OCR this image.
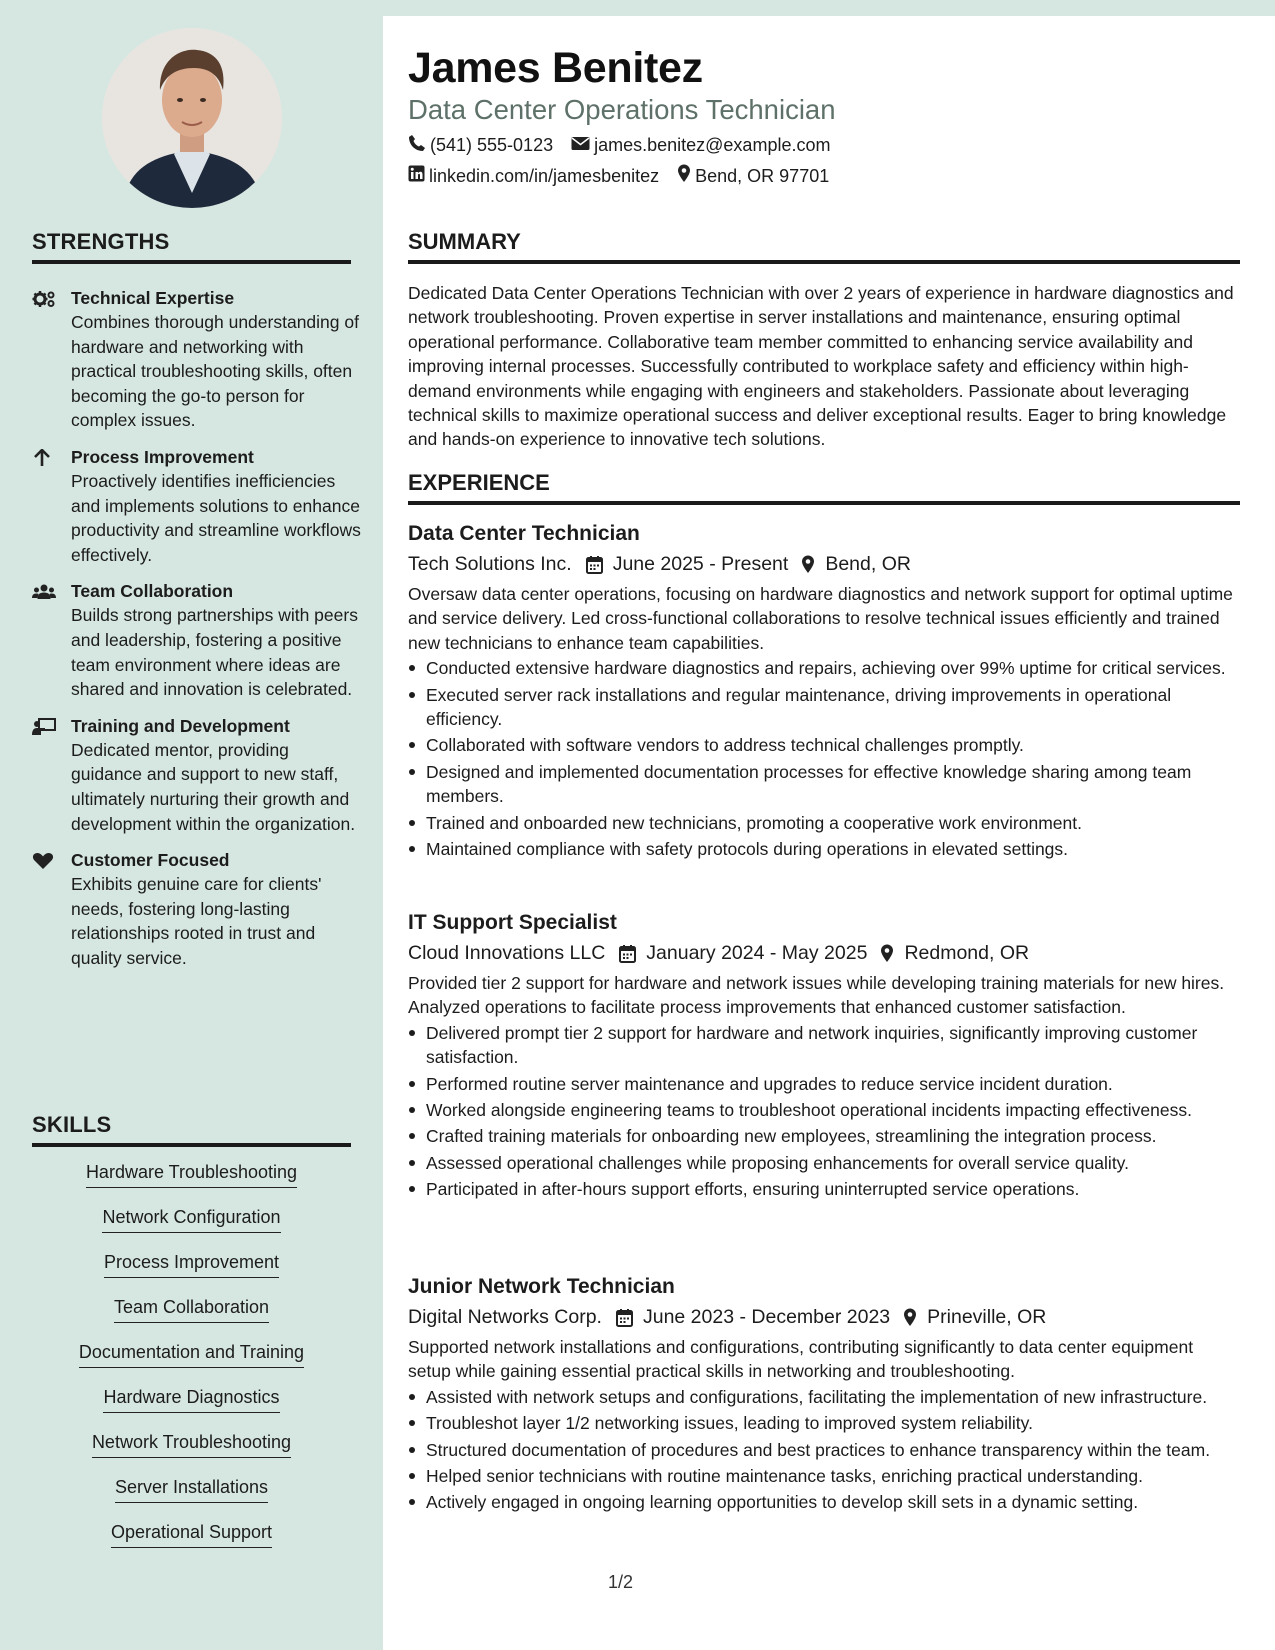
STRENGTHS
Technical Expertise
Combines thorough understanding of hardware and networking with practical troubleshooting skills, often becoming the go-to person for complex issues.
Process Improvement
Proactively identifies inefficiencies and implements solutions to enhance productivity and streamline workflows effectively.
Team Collaboration
Builds strong partnerships with peers and leadership, fostering a positive team environment where ideas are shared and innovation is celebrated.
Training and Development
Dedicated mentor, providing guidance and support to new staff, ultimately nurturing their growth and development within the organization.
Customer Focused
Exhibits genuine care for clients' needs, fostering long-lasting relationships rooted in trust and quality service.
SKILLS
Hardware Troubleshooting
Network Configuration
Process Improvement
Team Collaboration
Documentation and Training
Hardware Diagnostics
Network Troubleshooting
Server Installations
Operational Support
James Benitez
Data Center Operations Technician
(541) 555-0123 james.benitez@example.com
linkedin.com/in/jamesbenitez Bend, OR 97701
SUMMARY
Dedicated Data Center Operations Technician with over 2 years of experience in hardware diagnostics and network troubleshooting. Proven expertise in server installations and maintenance, ensuring optimal operational performance. Collaborative team member committed to enhancing service availability and improving internal processes. Successfully contributed to workplace safety and efficiency within high-demand environments while engaging with engineers and stakeholders. Passionate about leveraging technical skills to maximize operational success and deliver exceptional results. Eager to bring knowledge and hands-on experience to innovative tech solutions.
EXPERIENCE
Data Center Technician
Tech Solutions Inc. June 2025 - Present Bend, OR
Oversaw data center operations, focusing on hardware diagnostics and network support for optimal uptime and service delivery. Led cross-functional collaborations to resolve technical issues efficiently and trained new technicians to enhance team capabilities.
Conducted extensive hardware diagnostics and repairs, achieving over 99% uptime for critical services.
Executed server rack installations and regular maintenance, driving improvements in operational efficiency.
Collaborated with software vendors to address technical challenges promptly.
Designed and implemented documentation processes for effective knowledge sharing among team members.
Trained and onboarded new technicians, promoting a cooperative work environment.
Maintained compliance with safety protocols during operations in elevated settings.
IT Support Specialist
Cloud Innovations LLC January 2024 - May 2025 Redmond, OR
Provided tier 2 support for hardware and network issues while developing training materials for new hires. Analyzed operations to facilitate process improvements that enhanced customer satisfaction.
Delivered prompt tier 2 support for hardware and network inquiries, significantly improving customer satisfaction.
Performed routine server maintenance and upgrades to reduce service incident duration.
Worked alongside engineering teams to troubleshoot operational incidents impacting effectiveness.
Crafted training materials for onboarding new employees, streamlining the integration process.
Assessed operational challenges while proposing enhancements for overall service quality.
Participated in after-hours support efforts, ensuring uninterrupted service operations.
Junior Network Technician
Digital Networks Corp. June 2023 - December 2023 Prineville, OR
Supported network installations and configurations, contributing significantly to data center equipment setup while gaining essential practical skills in networking and troubleshooting.
Assisted with network setups and configurations, facilitating the implementation of new infrastructure.
Troubleshot layer 1/2 networking issues, leading to improved system reliability.
Structured documentation of procedures and best practices to enhance transparency within the team.
Helped senior technicians with routine maintenance tasks, enriching practical understanding.
Actively engaged in ongoing learning opportunities to develop skill sets in a dynamic setting.
1/2
